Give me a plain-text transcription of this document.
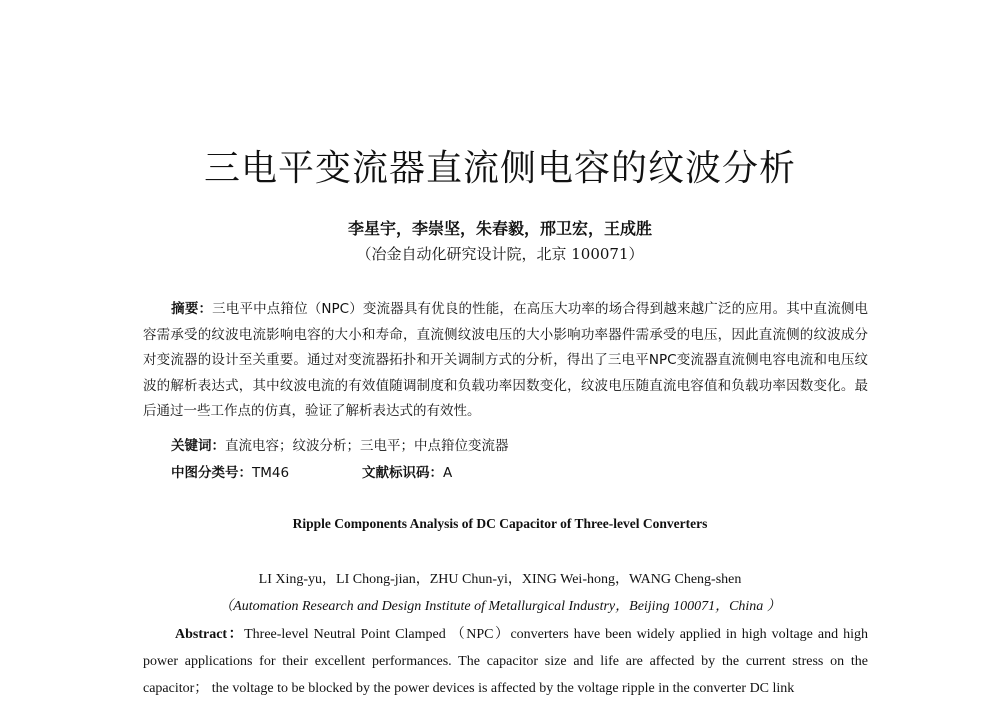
三电平变流器直流侧电容的纹波分析
李星宇，李崇坚，朱春毅，邢卫宏，王成胜
（冶金自动化研究设计院，北京 100071）
摘要：三电平中点箝位（NPC）变流器具有优良的性能，在高压大功率的场合得到越来越广泛的应用。其中直流侧电容需承受的纹波电流影响电容的大小和寿命，直流侧纹波电压的大小影响功率器件需承受的电压，因此直流侧的纹波成分对变流器的设计至关重要。通过对变流器拓扑和开关调制方式的分析，得出了三电平NPC变流器直流侧电容电流和电压纹波的解析表达式，其中纹波电流的有效值随调制度和负载功率因数变化，纹波电压随直流电容值和负载功率因数变化。最后通过一些工作点的仿真，验证了解析表达式的有效性。
关键词：直流电容；纹波分析；三电平；中点箝位变流器
中图分类号：TM46	文献标识码：A
Ripple Components Analysis of DC Capacitor of Three-level Converters
LI Xing-yu，LI Chong-jian，ZHU Chun-yi，XING Wei-hong，WANG Cheng-shen
（Automation Research and Design Institute of Metallurgical Industry，Beijing 100071，China ）
Abstract：Three-level Neutral Point Clamped （NPC）converters have been widely applied in high voltage and high power applications for their excellent performances. The capacitor size and life are affected by the current stress on the capacitor； the voltage to be blocked by the power devices is affected by the voltage ripple in the converter DC link
